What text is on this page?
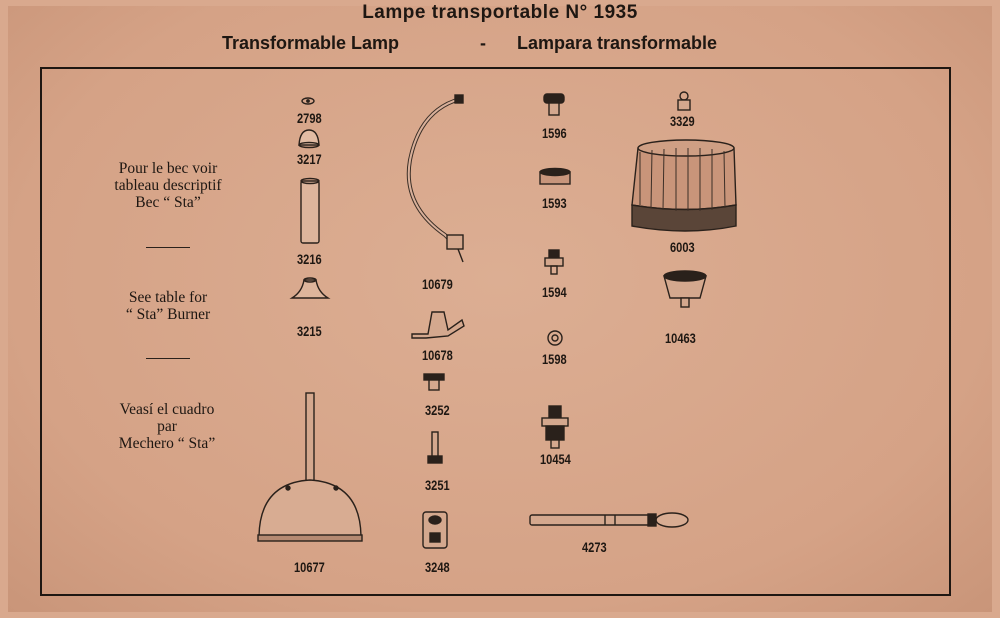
Lampe transportable N° 1935
Transformable Lamp	- Lampara transformable
Pour le bec voir
tableau descriptif
Bec “ Sta”
See table for
“ Sta” Burner
Veasí el cuadro
par
Mechero “ Sta”
2798
3217
3216
3215
10677
10679
10678
3252
3251
3248
1596
1593
1594
1598
10454
4273
3329
6003
10463
